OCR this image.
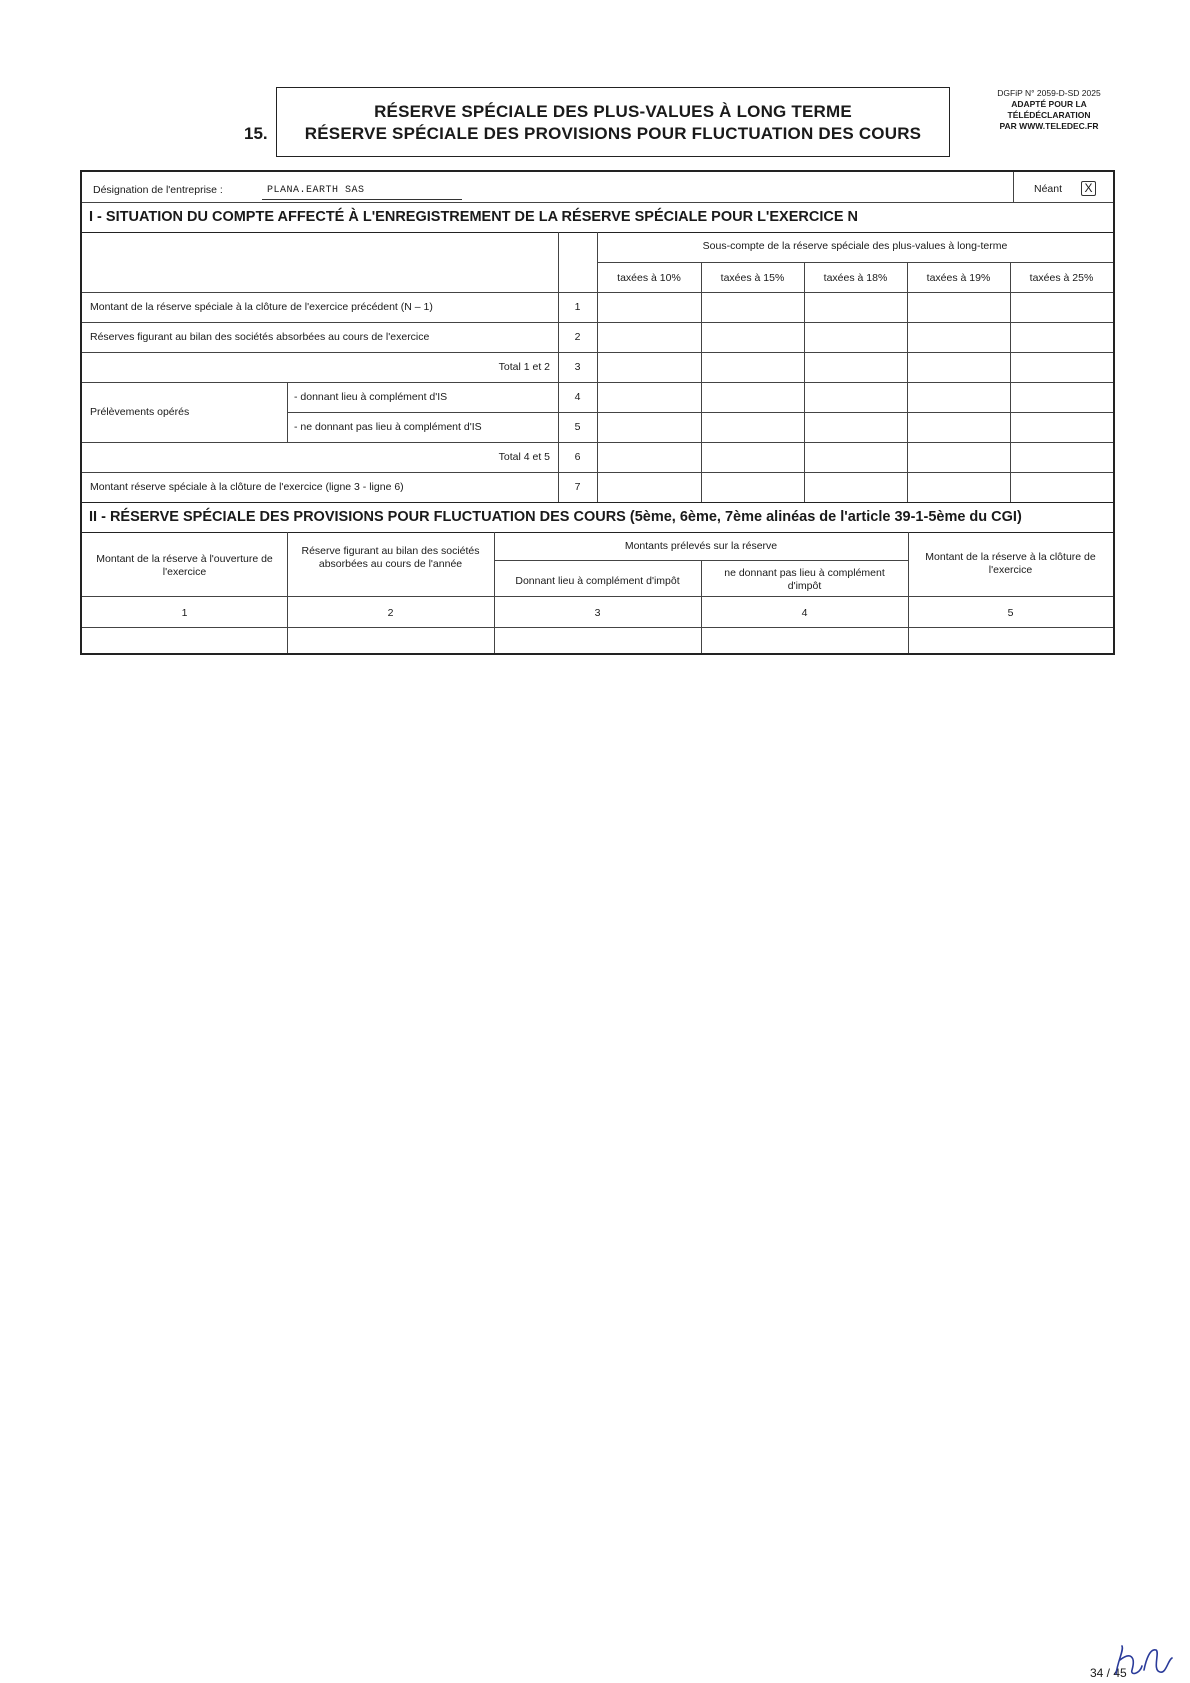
15.
RÉSERVE SPÉCIALE DES PLUS-VALUES À LONG TERME
RÉSERVE SPÉCIALE DES PROVISIONS POUR FLUCTUATION DES COURS
DGFiP N° 2059-D-SD 2025
ADAPTÉ POUR LA
TÉLÉDÉCLARATION
PAR WWW.TELEDEC.FR
Désignation de l'entreprise :	PLANA.EARTH SAS	Néant X
I - SITUATION DU COMPTE AFFECTÉ À L'ENREGISTREMENT DE LA RÉSERVE SPÉCIALE POUR L'EXERCICE N
Sous-compte de la réserve spéciale des plus-values à long-terme
taxées à 10%	taxées à 15%	taxées à 18%	taxées à 19%	taxées à 25%
Montant de la réserve spéciale à la clôture de l'exercice précédent (N – 1)	1
Réserves figurant au bilan des sociétés absorbées au cours de l'exercice	2
Total 1 et 2	3
Prélèvements opérés
- donnant lieu à complément d'IS	4
- ne donnant pas lieu à complément d'IS	5
Total 4 et 5	6
Montant réserve spéciale à la clôture de l'exercice (ligne 3 - ligne 6)	7
II - RÉSERVE SPÉCIALE DES PROVISIONS POUR FLUCTUATION DES COURS (5ème, 6ème, 7ème alinéas de l'article 39-1-5ème du CGI)
Montant de la réserve à l'ouverture de l'exercice
Réserve figurant au bilan des sociétés absorbées au cours de l'année
Montants prélevés sur la réserve
Donnant lieu à complément d'impôt
ne donnant pas lieu à complément d'impôt
Montant de la réserve à la clôture de l'exercice
1	2	3	4	5
34 / 45
